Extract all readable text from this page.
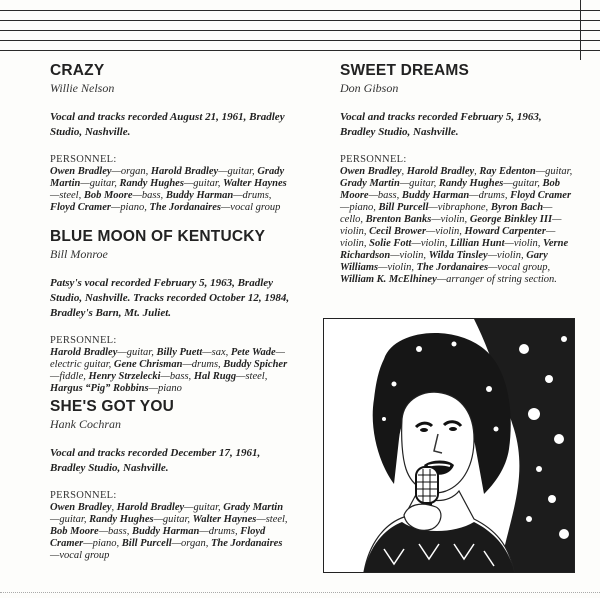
CRAZY

Willie Nelson

Vocal and tracks recorded August 21, 1961, Bradley Studio, Nashville.

PERSONNEL:

Owen Bradley—organ, Harold Bradley—guitar, Grady Martin—guitar, Randy Hughes—guitar, Walter Haynes—steel, Bob Moore—bass, Buddy Harman—drums, Floyd Cramer—piano, The Jordanaires—vocal group

BLUE MOON OF KENTUCKY

Bill Monroe

Patsy's vocal recorded February 5, 1963, Bradley Studio, Nashville. Tracks recorded October 12, 1984, Bradley's Barn, Mt. Juliet.

PERSONNEL:

Harold Bradley—guitar, Billy Puett—sax, Pete Wade—electric guitar, Gene Chrisman—drums, Buddy Spicher—fiddle, Henry Strzelecki—bass, Hal Rugg—steel, Hargus “Pig” Robbins—piano

SHE'S GOT YOU

Hank Cochran

Vocal and tracks recorded December 17, 1961, Bradley Studio, Nashville.

PERSONNEL:

Owen Bradley, Harold Bradley—guitar, Grady Martin—guitar, Randy Hughes—guitar, Walter Haynes—steel, Bob Moore—bass, Buddy Harman—drums, Floyd Cramer—piano, Bill Purcell—organ, The Jordanaires—vocal group

SWEET DREAMS

Don Gibson

Vocal and tracks recorded February 5, 1963, Bradley Studio, Nashville.

PERSONNEL:

Owen Bradley, Harold Bradley, Ray Edenton—guitar, Grady Martin—guitar, Randy Hughes—guitar, Bob Moore—bass, Buddy Harman—drums, Floyd Cramer—piano, Bill Purcell—vibraphone, Byron Bach—cello, Brenton Banks—violin, George Binkley III—violin, Cecil Brower—violin, Howard Carpenter—violin, Solie Fott—violin, Lillian Hunt—violin, Verne Richardson—violin, Wilda Tinsley—violin, Gary Williams—violin, The Jordanaires—vocal group, William K. McElhiney—arranger of string section.
